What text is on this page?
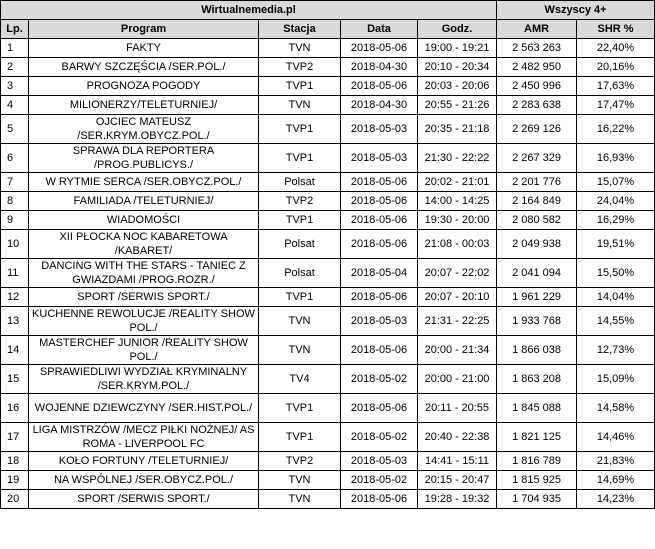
Wirtualnemedia.pl					Wszyscy 4+	
Lp.	Program	Stacja	Data	Godz.	AMR	SHR %
1	FAKTY	TVN	2018-05-06	19:00 - 19:21	2 563 263	22,40%
2	BARWY SZCZĘŚCIA /SER.POL./	TVP2	2018-04-30	20:10 - 20:34	2 482 950	20,16%
3	PROGNOZA POGODY	TVP1	2018-05-06	20:03 - 20:06	2 450 996	17,63%
4	MILIONERZY/TELETURNIEJ/	TVN	2018-04-30	20:55 - 21:26	2 283 638	17,47%
5	OJCIEC MATEUSZ /SER.KRYM.OBYCZ.POL./	TVP1	2018-05-03	20:35 - 21:18	2 269 126	16,22%
6	SPRAWA DLA REPORTERA /PROG.PUBLICYS./	TVP1	2018-05-03	21:30 - 22:22	2 267 329	16,93%
7	W RYTMIE SERCA /SER.OBYCZ.POL./	Polsat	2018-05-06	20:02 - 21:01	2 201 776	15,07%
8	FAMILIADA /TELETURNIEJ/	TVP2	2018-05-06	14:00 - 14:25	2 164 849	24,04%
9	WIADOMOŚCI	TVP1	2018-05-06	19:30 - 20:00	2 080 582	16,29%
10	XII PŁOCKA NOC KABARETOWA /KABARET/	Polsat	2018-05-06	21:08 - 00:03	2 049 938	19,51%
11	DANCING WITH THE STARS - TANIEC Z GWIAZDAMI /PROG.ROZR./	Polsat	2018-05-04	20:07 - 22:02	2 041 094	15,50%
12	SPORT /SERWIS SPORT./	TVP1	2018-05-06	20:07 - 20:10	1 961 229	14,04%
13	KUCHENNE REWOLUCJE /REALITY SHOW POL./	TVN	2018-05-03	21:31 - 22:25	1 933 768	14,55%
14	MASTERCHEF JUNIOR /REALITY SHOW POL./	TVN	2018-05-06	20:00 - 21:34	1 866 038	12,73%
15	SPRAWIEDLIWI WYDZIAŁ KRYMINALNY /SER.KRYM.POL./	TV4	2018-05-02	20:00 - 21:00	1 863 208	15,09%
16	WOJENNE DZIEWCZYNY /SER.HIST.POL./	TVP1	2018-05-06	20:11 - 20:55	1 845 088	14,58%
17	LIGA MISTRZÓW /MECZ PIŁKI NOŻNEJ/ AS ROMA - LIVERPOOL FC	TVP1	2018-05-02	20:40 - 22:38	1 821 125	14,46%
18	KOŁO FORTUNY /TELETURNIEJ/	TVP2	2018-05-03	14:41 - 15:11	1 816 789	21,83%
19	NA WSPÓLNEJ /SER.OBYCZ.POL./	TVN	2018-05-02	20:15 - 20:47	1 815 925	14,69%
20	SPORT /SERWIS SPORT./	TVN	2018-05-06	19:28 - 19:32	1 704 935	14,23%
